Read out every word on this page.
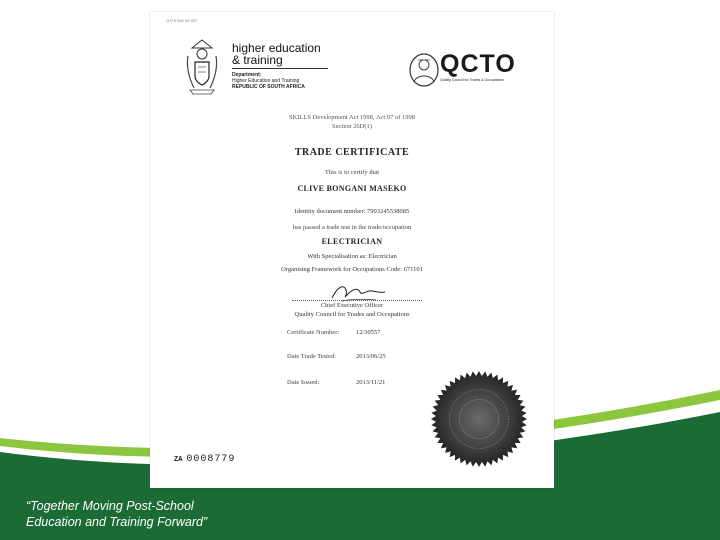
“Together Moving Post-School
Education and Training Forward”
Q.P.S 001 00 057
higher education
& training
Department:
Higher Education and Training
REPUBLIC OF SOUTH AFRICA
QCTO
Quality Council for Trades & Occupations
SKILLS Development Act 1998, Act 97 of 1998
Section 26D(1)
TRADE CERTIFICATE
This is to certify that
CLIVE BONGANI MASEKO
Identity document number: 7903245538085
has passed a trade test in the trade/occupation
ELECTRICIAN
With Specialisation as: Electrician
Organising Framework for Occupations Code: 671101
Chief Executive Officer
Quality Council for Trades and Occupations
Certificate Number:	12/30557
Date Trade Tested:	2013/06/25
Date Issued:	2013/11/21
ZA 0008779
